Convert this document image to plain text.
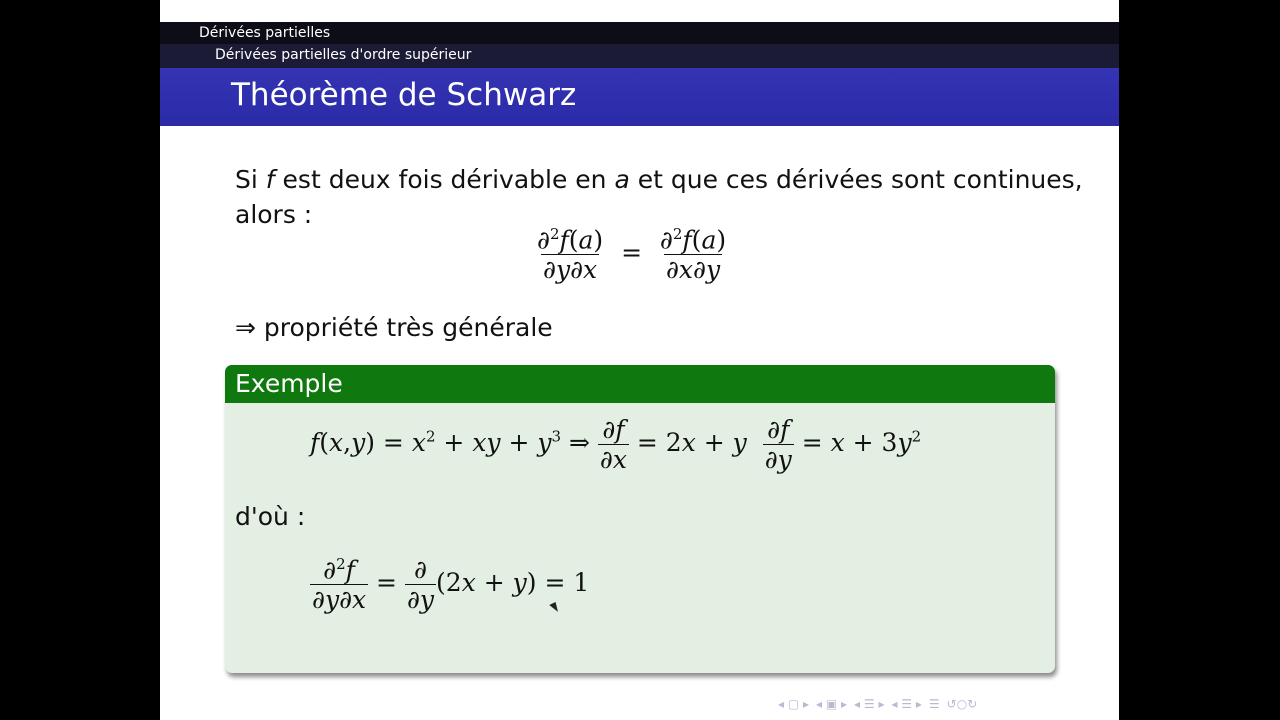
Dérivées partielles
Dérivées partielles d'ordre supérieur
Théorème de Schwarz
Si f est deux fois dérivable en a et que ces dérivées sont continues,
alors :
$\frac{\partial^2f(a)}{\partial y\partial x} = \frac{\partial^2f(a)}{\partial x\partial y}$
⇒ propriété très générale
Exemple
$f(x,y) = x^2$ + xy + $y^3$ ⇒ $\frac{\partial f}{\partial x} = 2x + y \frac{\partial f}{\partial y} = x + 3y^2$
d'où :
$\frac{\partial^2f}{\partial y\partial x} = \frac{\partial}{\partial y} (2x + y) = 1$
◂ ▢ ▸ ◂ ▣ ▸ ◂ ☰ ▸ ◂ ☰ ▸ ☰ ↺○↻
